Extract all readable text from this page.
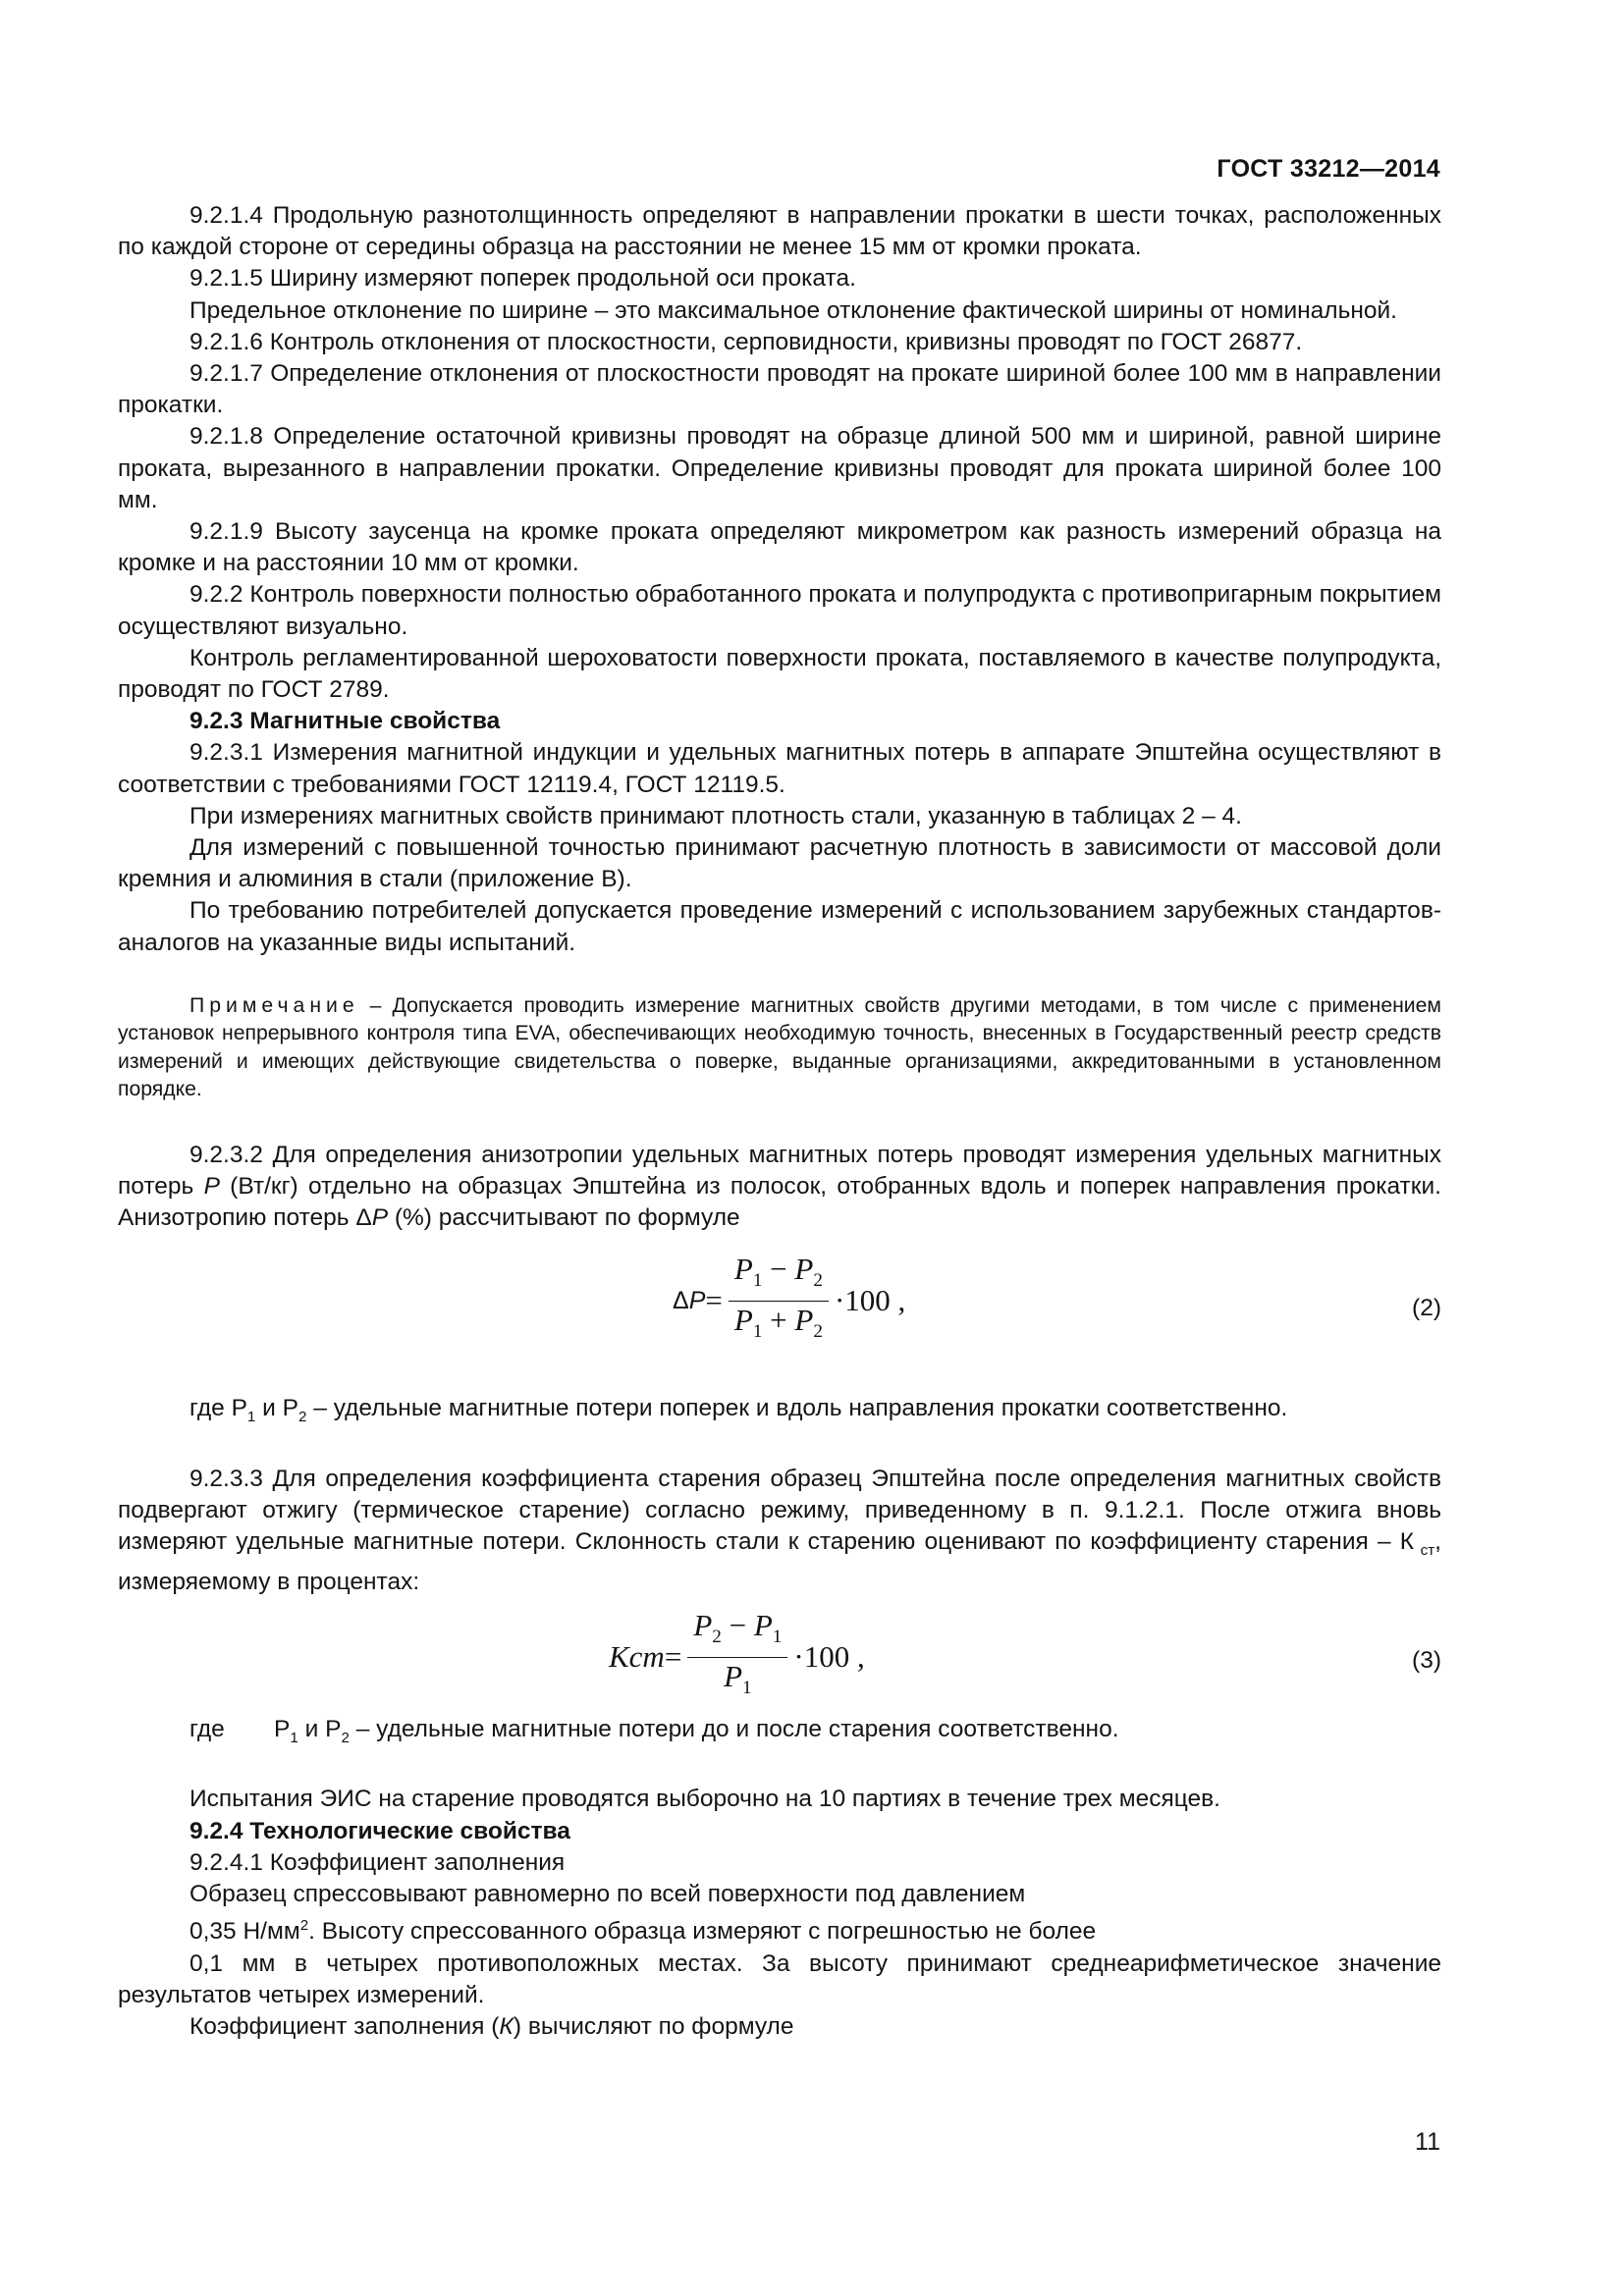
ГОСТ 33212—2014

9.2.1.4 Продольную разнотолщинность определяют в направлении прокатки в шести точках, расположенных по каждой стороне от середины образца на расстоянии не менее 15 мм от кромки проката.

9.2.1.5 Ширину измеряют поперек продольной оси проката.

Предельное отклонение по ширине – это максимальное отклонение фактической ширины от номинальной.

9.2.1.6 Контроль отклонения от плоскостности, серповидности, кривизны проводят по ГОСТ 26877.

9.2.1.7 Определение отклонения от плоскостности проводят на прокате шириной более 100 мм в направлении прокатки.

9.2.1.8 Определение остаточной кривизны проводят на образце длиной 500 мм и шириной, равной ширине проката, вырезанного в направлении прокатки. Определение кривизны проводят для проката шириной более 100 мм.

9.2.1.9 Высоту заусенца на кромке проката определяют микрометром как разность измерений образца на кромке и на расстоянии 10 мм от кромки.

9.2.2 Контроль поверхности полностью обработанного проката и полупродукта с противопригарным покрытием осуществляют визуально.

Контроль регламентированной шероховатости поверхности проката, поставляемого в качестве полупродукта, проводят по ГОСТ 2789.

9.2.3 Магнитные свойства

9.2.3.1 Измерения магнитной индукции и удельных магнитных потерь в аппарате Эпштейна осуществляют в соответствии с требованиями ГОСТ 12119.4, ГОСТ 12119.5.

При измерениях магнитных свойств принимают плотность стали, указанную в таблицах 2 – 4.

Для измерений с повышенной точностью принимают расчетную плотность в зависимости от массовой доли кремния и алюминия в стали (приложение В).

По требованию потребителей допускается проведение измерений с использованием зарубежных стандартов-аналогов на указанные виды испытаний.

Примечание – Допускается проводить измерение магнитных свойств другими методами, в том числе с применением установок непрерывного контроля типа EVA, обеспечивающих необходимую точность, внесенных в Государственный реестр средств измерений и имеющих действующие свидетельства о поверке, выданные организациями, аккредитованными в установленном порядке.

9.2.3.2 Для определения анизотропии удельных магнитных потерь проводят измерения удельных магнитных потерь Р (Вт/кг) отдельно на образцах Эпштейна из полосок, отобранных вдоль и поперек направления прокатки. Анизотропию потерь ΔР (%) рассчитывают по формуле

Δ $P = \frac{P_1 - P_2}{P_1 + P_2} \cdot 100$ ,	(2)

где $Р_1$ и $Р_2$ – удельные магнитные потери поперек и вдоль направления прокатки соответственно.

9.2.3.3 Для определения коэффициента старения образец Эпштейна после определения магнитных свойств подвергают отжигу (термическое старение) согласно режиму, приведенному в п. 9.1.2.1. После отжига вновь измеряют удельные магнитные потери. Склонность стали к старению оценивают по коэффициенту старения – К $_{ст}$, измеряемому в процентах:

Kcm = $\frac{P_2 - P_1}{P_1} \cdot 100$ ,	(3)

где $Р_1$ и $Р_2$ – удельные магнитные потери до и после старения соответственно.

Испытания ЭИС на старение проводятся выборочно на 10 партиях в течение трех месяцев.

9.2.4 Технологические свойства

9.2.4.1 Коэффициент заполнения

Образец спрессовывают равномерно по всей поверхности под давлением

0,35 $Н/мм^2$. Высоту спрессованного образца измеряют с погрешностью не более

0,1 мм в четырех противоположных местах. За высоту принимают среднеарифметическое значение результатов четырех измерений.

Коэффициент заполнения (К) вычисляют по формуле

11
